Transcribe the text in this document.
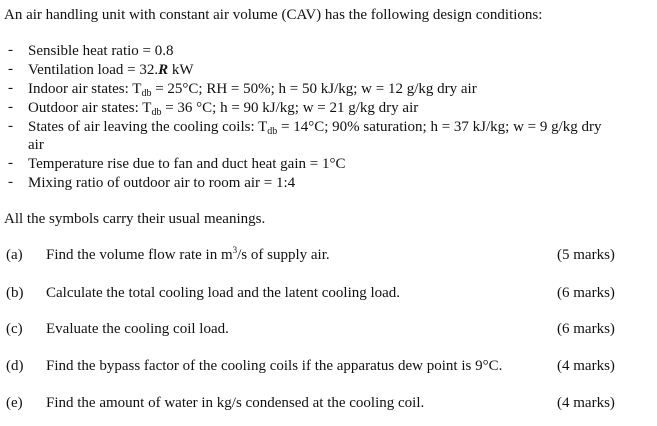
An air handling unit with constant air volume (CAV) has the following design conditions:
- Sensible heat ratio = 0.8
- Ventilation load = 32.R kW
- Indoor air states: $T_{db} = 25^\circ C$; RH = 50%; h = 50 kJ/kg; w = 12 g/kg dry air
- Outdoor air states: $T_{db} = 36$ °C; h = 90 kJ/kg; w = 21 g/kg dry air
- States of air leaving the cooling coils: $T_{db} = 14^\circ C$; 90% saturation; h = 37 kJ/kg; w = 9 g/kg dry
air
- Temperature rise due to fan and duct heat gain = 1°C
- Mixing ratio of outdoor air to room air = 1:4
All the symbols carry their usual meanings.
(a) Find the volume flow rate in $m^3/s$ of supply air.	(5 marks)
(b) Calculate the total cooling load and the latent cooling load.	(6 marks)
(c) Evaluate the cooling coil load.	(6 marks)
(d) Find the bypass factor of the cooling coils if the apparatus dew point is 9°C.	(4 marks)
(e) Find the amount of water in kg/s condensed at the cooling coil.	(4 marks)
